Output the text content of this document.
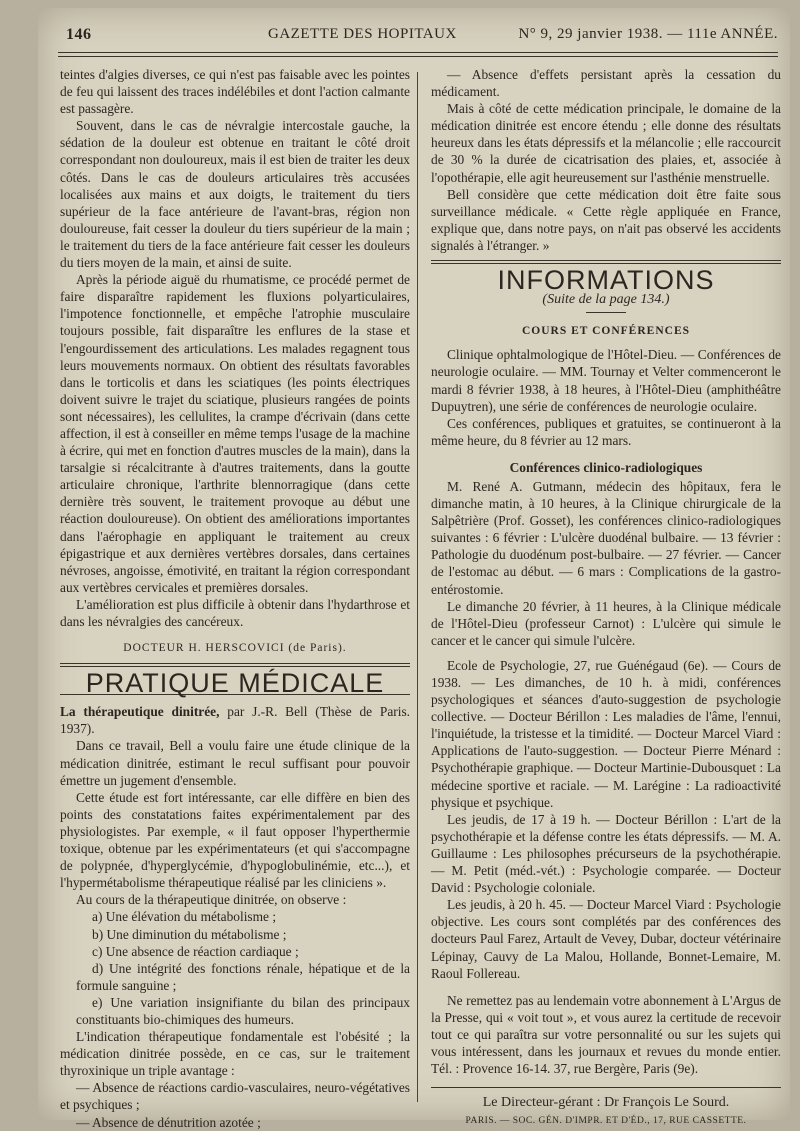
146	GAZETTE DES HOPITAUX	N° 9, 29 janvier 1938. — 111e ANNÉE.

teintes d'algies diverses, ce qui n'est pas faisable avec les pointes de feu qui laissent des traces indélébiles et dont l'action calmante est passagère.

Souvent, dans le cas de névralgie intercostale gauche, la sédation de la douleur est obtenue en traitant le côté droit correspondant non douloureux, mais il est bien de traiter les deux côtés. Dans le cas de douleurs articulaires très accusées localisées aux mains et aux doigts, le traitement du tiers supérieur de la face antérieure de l'avant-bras, région non douloureuse, fait cesser la douleur du tiers supérieur de la main ; le traitement du tiers de la face antérieure fait cesser les douleurs du tiers moyen de la main, et ainsi de suite.

Après la période aiguë du rhumatisme, ce procédé permet de faire disparaître rapidement les fluxions polyarticulaires, l'impotence fonctionnelle, et empêche l'atrophie musculaire toujours possible, fait disparaître les enflures de la stase et l'engourdissement des articulations. Les malades regagnent tous leurs mouvements normaux. On obtient des résultats favorables dans le torticolis et dans les sciatiques (les points électriques doivent suivre le trajet du sciatique, plusieurs rangées de points sont nécessaires), les cellulites, la crampe d'écrivain (dans cette affection, il est à conseiller en même temps l'usage de la machine à écrire, qui met en fonction d'autres muscles de la main), dans la tarsalgie si récalcitrante à d'autres traitements, dans la goutte articulaire chronique, l'arthrite blennorragique (dans cette dernière très souvent, le traitement provoque au début une réaction douloureuse). On obtient des améliorations importantes dans l'aérophagie en appliquant le traitement au creux épigastrique et aux dernières vertèbres dorsales, dans certaines névroses, angoisse, émotivité, en traitant la région correspondant aux vertèbres cervicales et premières dorsales.

L'amélioration est plus difficile à obtenir dans l'hydarthrose et dans les névralgies des cancéreux.

DOCTEUR H. HERSCOVICI (de Paris).
PRATIQUE MÉDICALE

La thérapeutique dinitrée, par J.-R. Bell (Thèse de Paris. 1937).

Dans ce travail, Bell a voulu faire une étude clinique de la médication dinitrée, estimant le recul suffisant pour pouvoir émettre un jugement d'ensemble.

Cette étude est fort intéressante, car elle diffère en bien des points des constatations faites expérimentalement par des physiologistes. Par exemple, « il faut opposer l'hyperthermie toxique, obtenue par les expérimentateurs (et qui s'accompagne de polypnée, d'hyperglycémie, d'hypoglobulinémie, etc...), et l'hypermétabolisme thérapeutique réalisé par les cliniciens ».

Au cours de la thérapeutique dinitrée, on observe :

a) Une élévation du métabolisme ;

b) Une diminution du métabolisme ;

c) Une absence de réaction cardiaque ;

d) Une intégrité des fonctions rénale, hépatique et de la formule sanguine ;

e) Une variation insignifiante du bilan des principaux constituants bio-chimiques des humeurs.

L'indication thérapeutique fondamentale est l'obésité ; la médication dinitrée possède, en ce cas, sur le traitement thyroxinique un triple avantage :

— Absence de réactions cardio-vasculaires, neuro-végétatives et psychiques ;

— Absence de dénutrition azotée ;

— Absence d'effets persistant après la cessation du médicament.

Mais à côté de cette médication principale, le domaine de la médication dinitrée est encore étendu ; elle donne des résultats heureux dans les états dépressifs et la mélancolie ; elle raccourcit de 30 % la durée de cicatrisation des plaies, et, associée à l'opothérapie, elle agit heureusement sur l'asthénie menstruelle.

Bell considère que cette médication doit être faite sous surveillance médicale. « Cette règle appliquée en France, explique que, dans notre pays, on n'ait pas observé les accidents signalés à l'étranger. »

INFORMATIONS
(Suite de la page 134.)
COURS ET CONFÉRENCES

Clinique ophtalmologique de l'Hôtel-Dieu. — Conférences de neurologie oculaire. — MM. Tournay et Velter commenceront le mardi 8 février 1938, à 18 heures, à l'Hôtel-Dieu (amphithéâtre Dupuytren), une série de conférences de neurologie oculaire.

Ces conférences, publiques et gratuites, se continueront à la même heure, du 8 février au 12 mars.

Conférences clinico-radiologiques

M. René A. Gutmann, médecin des hôpitaux, fera le dimanche matin, à 10 heures, à la Clinique chirurgicale de la Salpêtrière (Prof. Gosset), les conférences clinico-radiologiques suivantes : 6 février : L'ulcère duodénal bulbaire. — 13 février : Pathologie du duodénum post-bulbaire. — 27 février. — Cancer de l'estomac au début. — 6 mars : Complications de la gastro-entérostomie.

Le dimanche 20 février, à 11 heures, à la Clinique médicale de l'Hôtel-Dieu (professeur Carnot) : L'ulcère qui simule le cancer et le cancer qui simule l'ulcère.

Ecole de Psychologie, 27, rue Guénégaud (6e). — Cours de 1938. — Les dimanches, de 10 h. à midi, conférences psychologiques et séances d'auto-suggestion de psychologie collective. — Docteur Bérillon : Les maladies de l'âme, l'ennui, l'inquiétude, la tristesse et la timidité. — Docteur Marcel Viard : Applications de l'auto-suggestion. — Docteur Pierre Ménard : Psychothérapie graphique. — Docteur Martinie-Dubousquet : La médecine sportive et raciale. — M. Larégine : La radioactivité physique et psychique.

Les jeudis, de 17 à 19 h. — Docteur Bérillon : L'art de la psychothérapie et la défense contre les états dépressifs. — M. A. Guillaume : Les philosophes précurseurs de la psychothérapie. — M. Petit (méd.-vét.) : Psychologie comparée. — Docteur David : Psychologie coloniale.

Les jeudis, à 20 h. 45. — Docteur Marcel Viard : Psychologie objective. Les cours sont complétés par des conférences des docteurs Paul Farez, Artault de Vevey, Dubar, docteur vétérinaire Lépinay, Cauvy de La Malou, Hollande, Bonnet-Lemaire, M. Raoul Follereau.

Ne remettez pas au lendemain votre abonnement à L'Argus de la Presse, qui « voit tout », et vous aurez la certitude de recevoir tout ce qui paraîtra sur votre personnalité ou sur les sujets qui vous intéressent, dans les journaux et revues du monde entier. Tél. : Provence 16-14. 37, rue Bergère, Paris (9e).

Le Directeur-gérant : Dr François Le Sourd.
PARIS. — SOC. GÉN. D'IMPR. ET D'ÉD., 17, RUE CASSETTE.
